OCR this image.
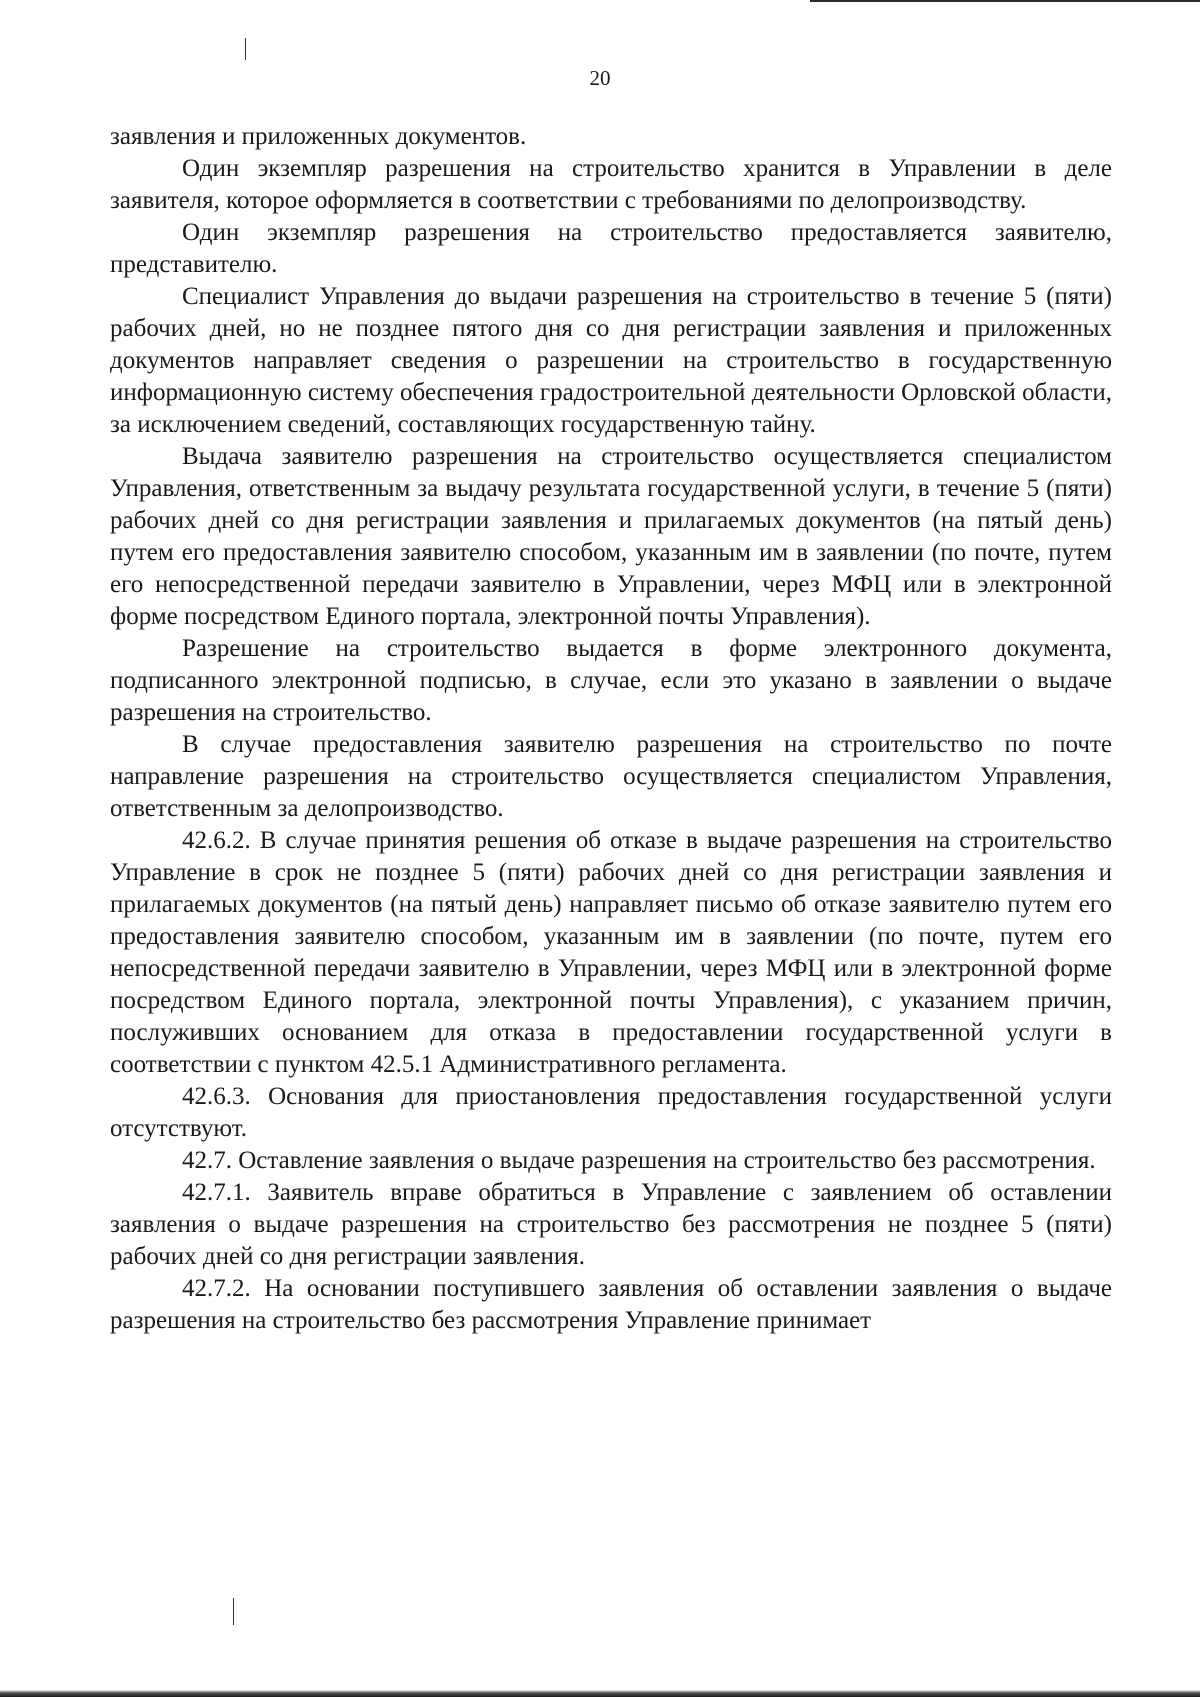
20

заявления и приложенных документов.

Один экземпляр разрешения на строительство хранится в Управлении в деле заявителя, которое оформляется в соответствии с требованиями по делопроизводству.

Один экземпляр разрешения на строительство предоставляется заявителю, представителю.

Специалист Управления до выдачи разрешения на строительство в течение 5 (пяти) рабочих дней, но не позднее пятого дня со дня регистрации заявления и приложенных документов направляет сведения о разрешении на строительство в государственную информационную систему обеспечения градостроительной деятельности Орловской области, за исключением сведений, составляющих государственную тайну.

Выдача заявителю разрешения на строительство осуществляется специалистом Управления, ответственным за выдачу результата государственной услуги, в течение 5 (пяти) рабочих дней со дня регистрации заявления и прилагаемых документов (на пятый день) путем его предоставления заявителю способом, указанным им в заявлении (по почте, путем его непосредственной передачи заявителю в Управлении, через МФЦ или в электронной форме посредством Единого портала, электронной почты Управления).

Разрешение на строительство выдается в форме электронного документа, подписанного электронной подписью, в случае, если это указано в заявлении о выдаче разрешения на строительство.

В случае предоставления заявителю разрешения на строительство по почте направление разрешения на строительство осуществляется специалистом Управления, ответственным за делопроизводство.

42.6.2. В случае принятия решения об отказе в выдаче разрешения на строительство Управление в срок не позднее 5 (пяти) рабочих дней со дня регистрации заявления и прилагаемых документов (на пятый день) направляет письмо об отказе заявителю путем его предоставления заявителю способом, указанным им в заявлении (по почте, путем его непосредственной передачи заявителю в Управлении, через МФЦ или в электронной форме посредством Единого портала, электронной почты Управления), с указанием причин, послуживших основанием для отказа в предоставлении государственной услуги в соответствии с пунктом 42.5.1 Административного регламента.

42.6.3. Основания для приостановления предоставления государственной услуги отсутствуют.

42.7. Оставление заявления о выдаче разрешения на строительство без рассмотрения.

42.7.1. Заявитель вправе обратиться в Управление с заявлением об оставлении заявления о выдаче разрешения на строительство без рассмотрения не позднее 5 (пяти) рабочих дней со дня регистрации заявления.

42.7.2. На основании поступившего заявления об оставлении заявления о выдаче разрешения на строительство без рассмотрения Управление принимает
